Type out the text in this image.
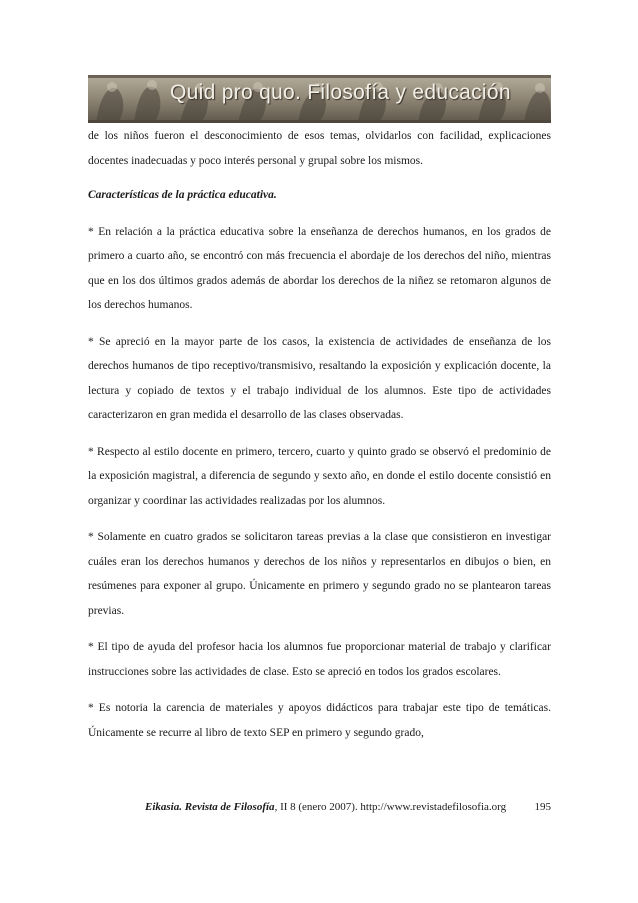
Quid pro quo. Filosofía y educación

de los niños fueron el desconocimiento de esos temas, olvidarlos con facilidad, explicaciones docentes inadecuadas y poco interés personal y grupal sobre los mismos.

Características de la práctica educativa.

* En relación a la práctica educativa sobre la enseñanza de derechos humanos, en los grados de primero a cuarto año, se encontró con más frecuencia el abordaje de los derechos del niño, mientras que en los dos últimos grados además de abordar los derechos de la niñez se retomaron algunos de los derechos humanos.

* Se apreció en la mayor parte de los casos, la existencia de actividades de enseñanza de los derechos humanos de tipo receptivo/transmisivo, resaltando la exposición y explicación docente, la lectura y copiado de textos y el trabajo individual de los alumnos. Este tipo de actividades caracterizaron en gran medida el desarrollo de las clases observadas.

* Respecto al estilo docente en primero, tercero, cuarto y quinto grado se observó el predominio de la exposición magistral, a diferencia de segundo y sexto año, en donde el estilo docente consistió en organizar y coordinar las actividades realizadas por los alumnos.

* Solamente en cuatro grados se solicitaron tareas previas a la clase que consistieron en investigar cuáles eran los derechos humanos y derechos de los niños y representarlos en dibujos o bien, en resúmenes para exponer al grupo. Únicamente en primero y segundo grado no se plantearon tareas previas.

* El tipo de ayuda del profesor hacia los alumnos fue proporcionar material de trabajo y clarificar instrucciones sobre las actividades de clase. Esto se apreció en todos los grados escolares.

* Es notoria la carencia de materiales y apoyos didácticos para trabajar este tipo de temáticas. Únicamente se recurre al libro de texto SEP en primero y segundo grado,

Eikasia. Revista de Filosofía, II 8 (enero 2007). http://www.revistadefilosofia.org	195
